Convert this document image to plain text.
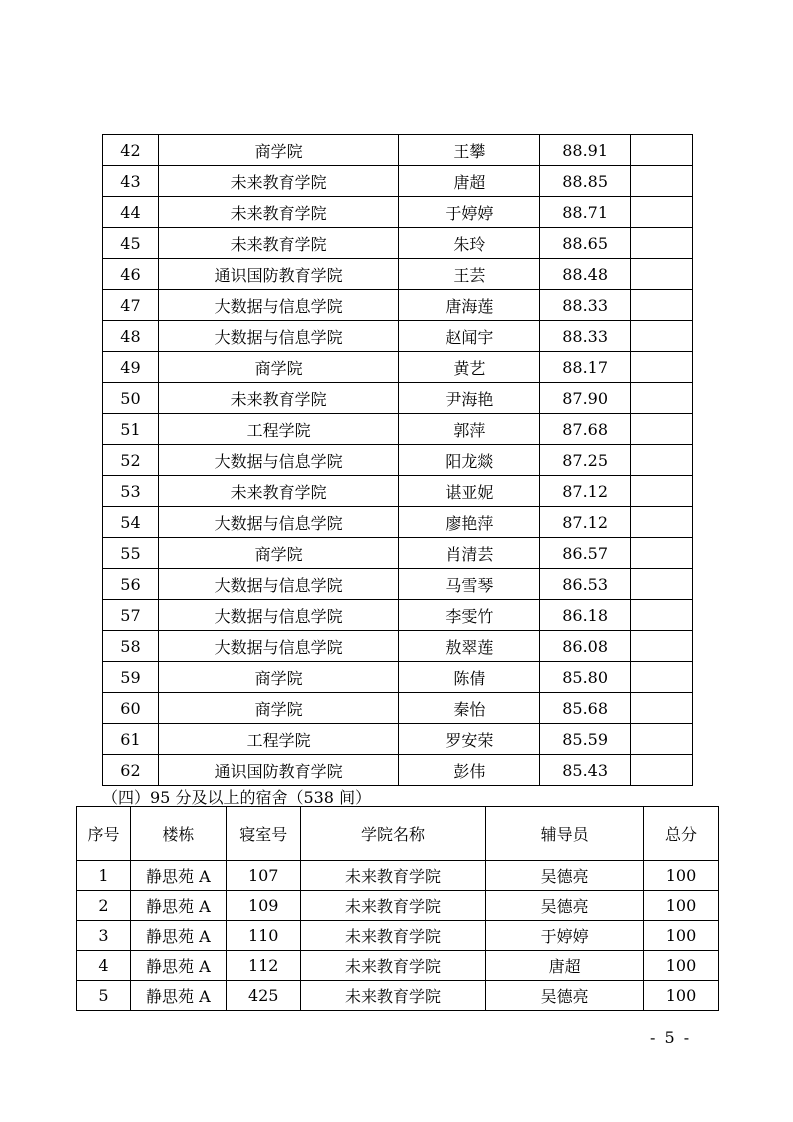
42	商学院	王攀	88.91	
43	未来教育学院	唐超	88.85	
44	未来教育学院	于婷婷	88.71	
45	未来教育学院	朱玲	88.65	
46	通识国防教育学院	王芸	88.48	
47	大数据与信息学院	唐海莲	88.33	
48	大数据与信息学院	赵闻宇	88.33	
49	商学院	黄艺	88.17	
50	未来教育学院	尹海艳	87.90	
51	工程学院	郭萍	87.68	
52	大数据与信息学院	阳龙燚	87.25	
53	未来教育学院	谌亚妮	87.12	
54	大数据与信息学院	廖艳萍	87.12	
55	商学院	肖清芸	86.57	
56	大数据与信息学院	马雪琴	86.53	
57	大数据与信息学院	李雯竹	86.18	
58	大数据与信息学院	敖翠莲	86.08	
59	商学院	陈倩	85.80	
60	商学院	秦怡	85.68	
61	工程学院	罗安荣	85.59	
62	通识国防教育学院	彭伟	85.43	
（四）95 分及以上的宿舍（538 间）
序号	楼栋	寝室号	学院名称	辅导员	总分
1	静思苑 A	107	未来教育学院	吴德亮	100
2	静思苑 A	109	未来教育学院	吴德亮	100
3	静思苑 A	110	未来教育学院	于婷婷	100
4	静思苑 A	112	未来教育学院	唐超	100
5	静思苑 A	425	未来教育学院	吴德亮	100
- 5 -
